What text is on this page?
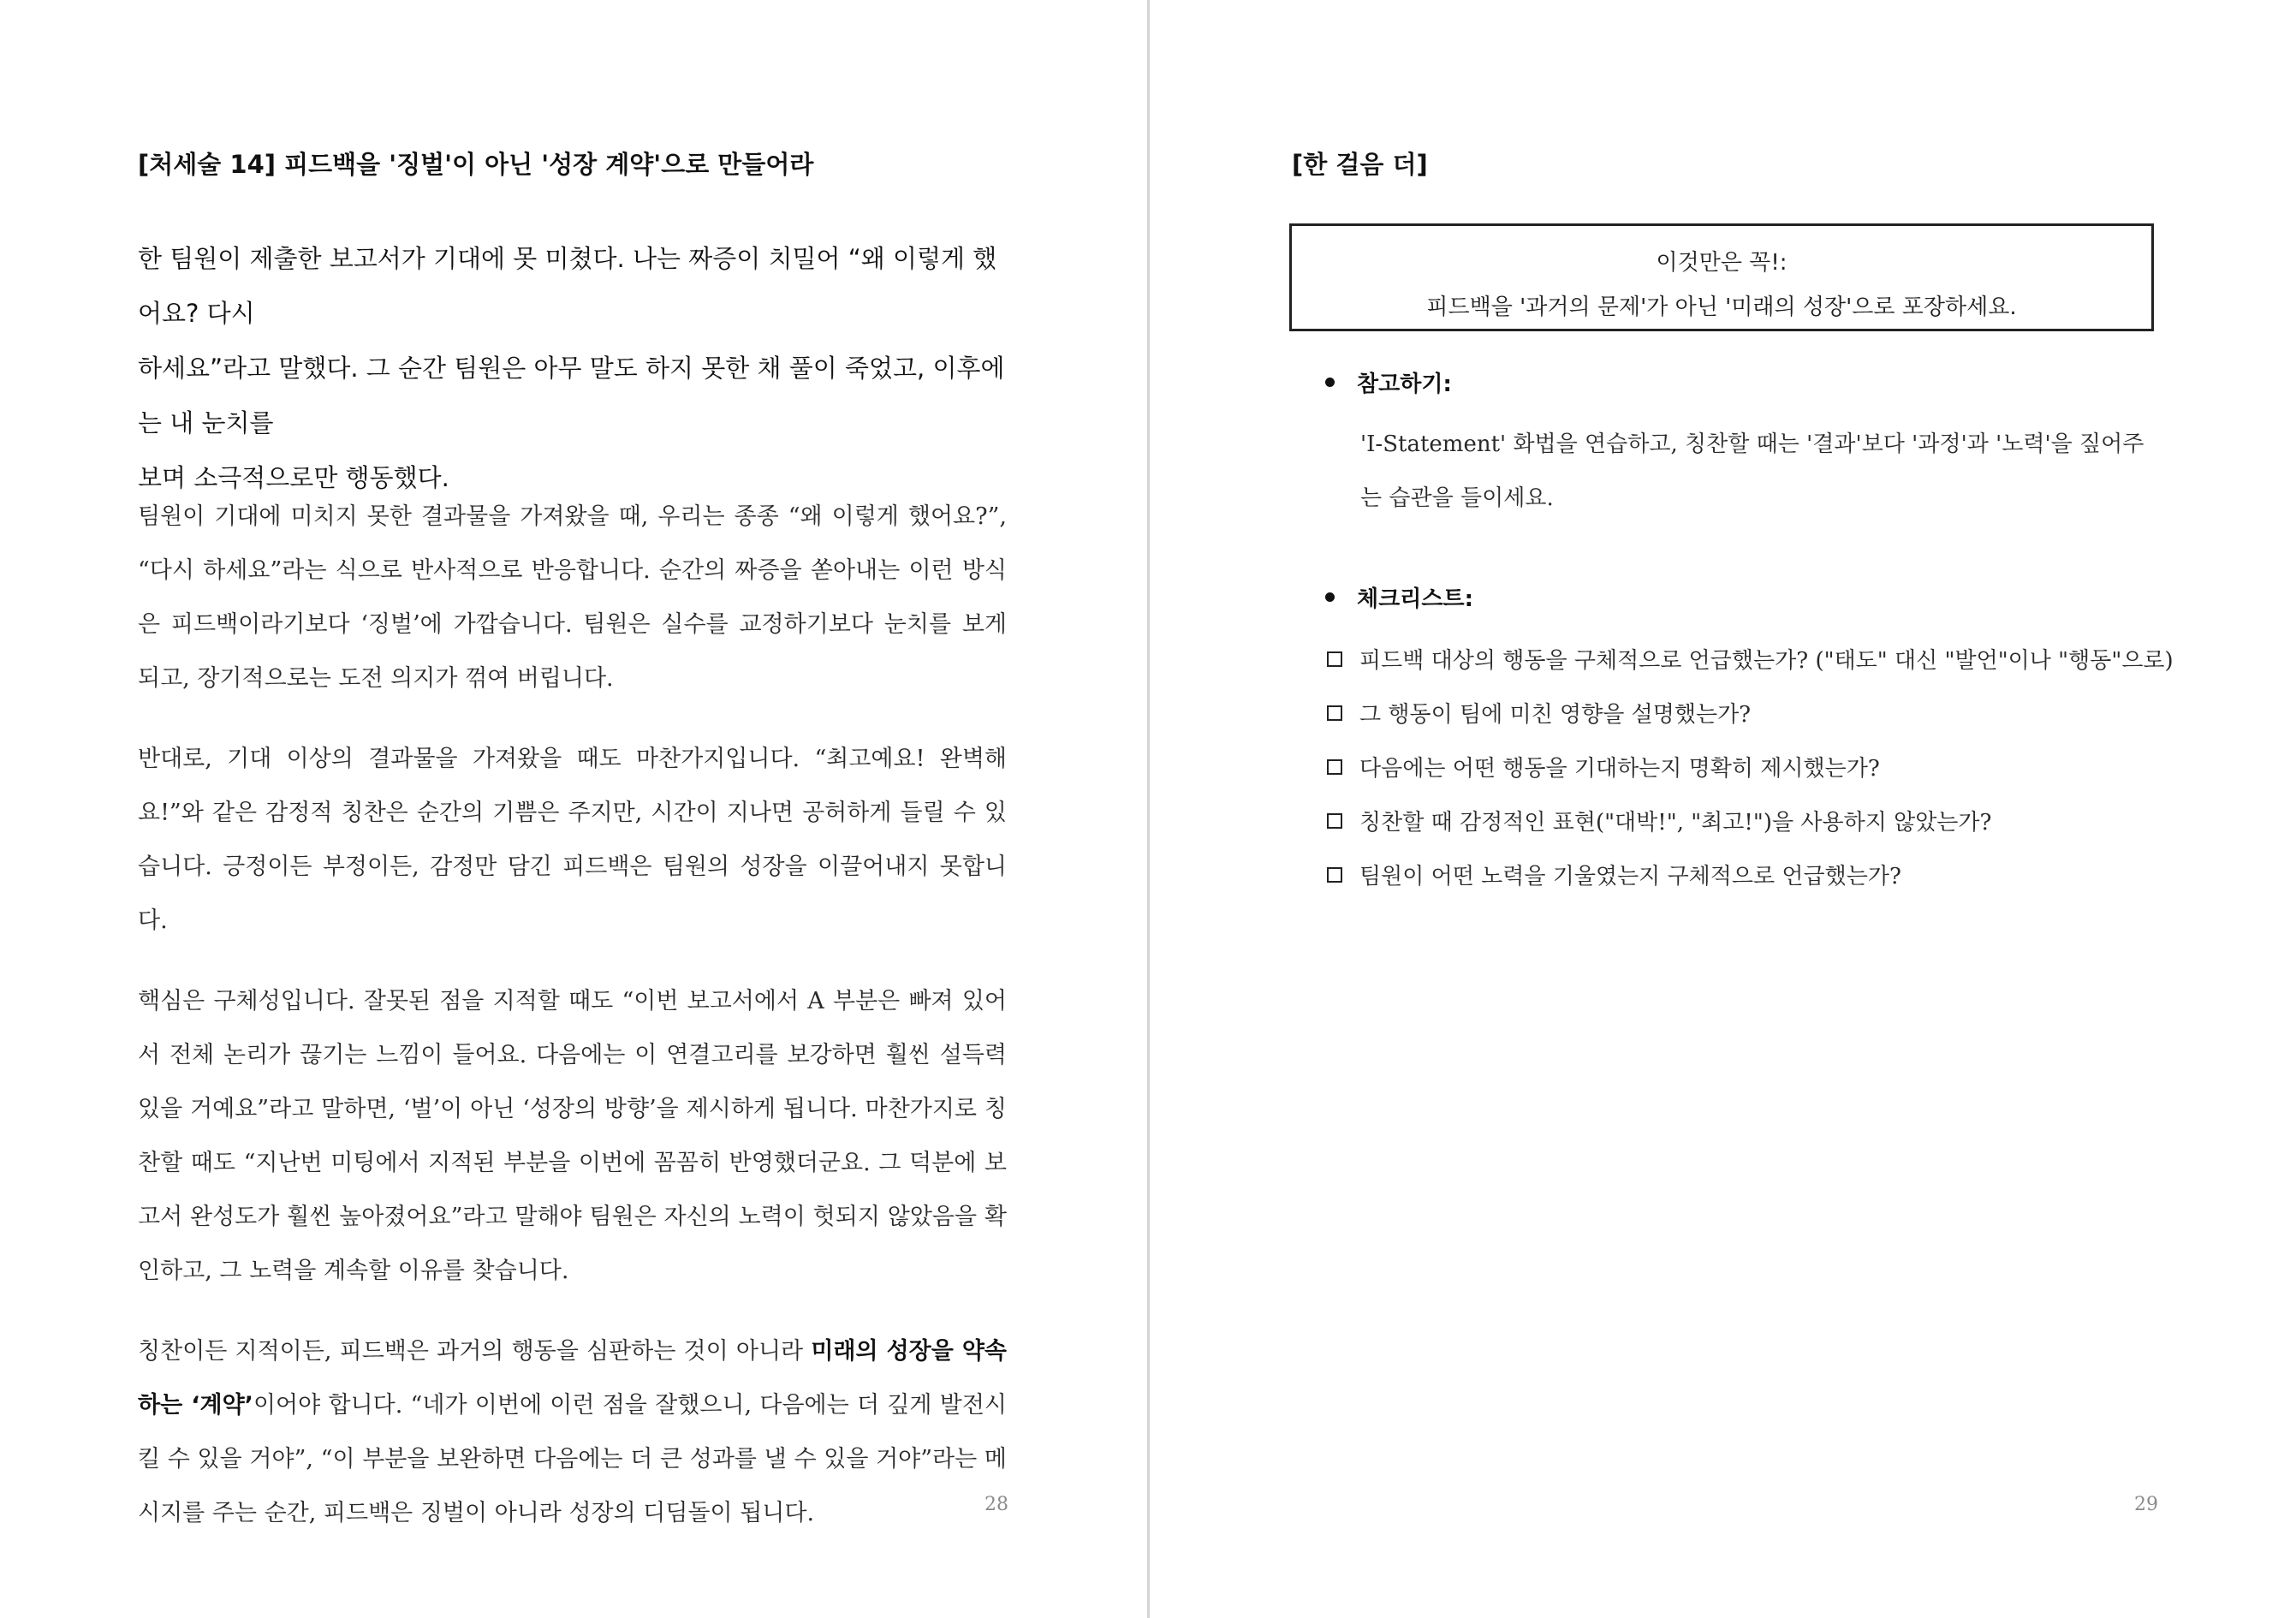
[처세술 14] 피드백을 '징벌'이 아닌 '성장 계약'으로 만들어라

한 팀원이 제출한 보고서가 기대에 못 미쳤다. 나는 짜증이 치밀어 “왜 이렇게 했어요? 다시

하세요”라고 말했다. 그 순간 팀원은 아무 말도 하지 못한 채 풀이 죽었고, 이후에는 내 눈치를

보며 소극적으로만 행동했다.

팀원이 기대에 미치지 못한 결과물을 가져왔을 때, 우리는 종종 “왜 이렇게 했어요?”, “다시 하세요”라는 식으로 반사적으로 반응합니다. 순간의 짜증을 쏟아내는 이런 방식은 피드백이라기보다 ‘징벌’에 가깝습니다. 팀원은 실수를 교정하기보다 눈치를 보게 되고, 장기적으로는 도전 의지가 꺾여 버립니다.

반대로, 기대 이상의 결과물을 가져왔을 때도 마찬가지입니다. “최고예요! 완벽해요!”와 같은 감정적 칭찬은 순간의 기쁨은 주지만, 시간이 지나면 공허하게 들릴 수 있습니다. 긍정이든 부정이든, 감정만 담긴 피드백은 팀원의 성장을 이끌어내지 못합니다.

핵심은 구체성입니다. 잘못된 점을 지적할 때도 “이번 보고서에서 A 부분은 빠져 있어서 전체 논리가 끊기는 느낌이 들어요. 다음에는 이 연결고리를 보강하면 훨씬 설득력 있을 거예요”라고 말하면, ‘벌’이 아닌 ‘성장의 방향’을 제시하게 됩니다. 마찬가지로 칭찬할 때도 “지난번 미팅에서 지적된 부분을 이번에 꼼꼼히 반영했더군요. 그 덕분에 보고서 완성도가 훨씬 높아졌어요”라고 말해야 팀원은 자신의 노력이 헛되지 않았음을 확인하고, 그 노력을 계속할 이유를 찾습니다.

칭찬이든 지적이든, 피드백은 과거의 행동을 심판하는 것이 아니라 미래의 성장을 약속하는 ‘계약’이어야 합니다. “네가 이번에 이런 점을 잘했으니, 다음에는 더 깊게 발전시킬 수 있을 거야”, “이 부분을 보완하면 다음에는 더 큰 성과를 낼 수 있을 거야”라는 메시지를 주는 순간, 피드백은 징벌이 아니라 성장의 디딤돌이 됩니다.	28
[한 걸음 더]
이것만은 꼭!:
피드백을 '과거의 문제'가 아닌 '미래의 성장'으로 포장하세요.
참고하기:
'I-Statement' 화법을 연습하고, 칭찬할 때는 '결과'보다 '과정'과 '노력'을 짚어주는 습관을 들이세요.
체크리스트:
피드백 대상의 행동을 구체적으로 언급했는가? ("태도" 대신 "발언"이나 "행동"으로)
그 행동이 팀에 미친 영향을 설명했는가?
다음에는 어떤 행동을 기대하는지 명확히 제시했는가?
칭찬할 때 감정적인 표현("대박!", "최고!")을 사용하지 않았는가?
팀원이 어떤 노력을 기울였는지 구체적으로 언급했는가?
29
